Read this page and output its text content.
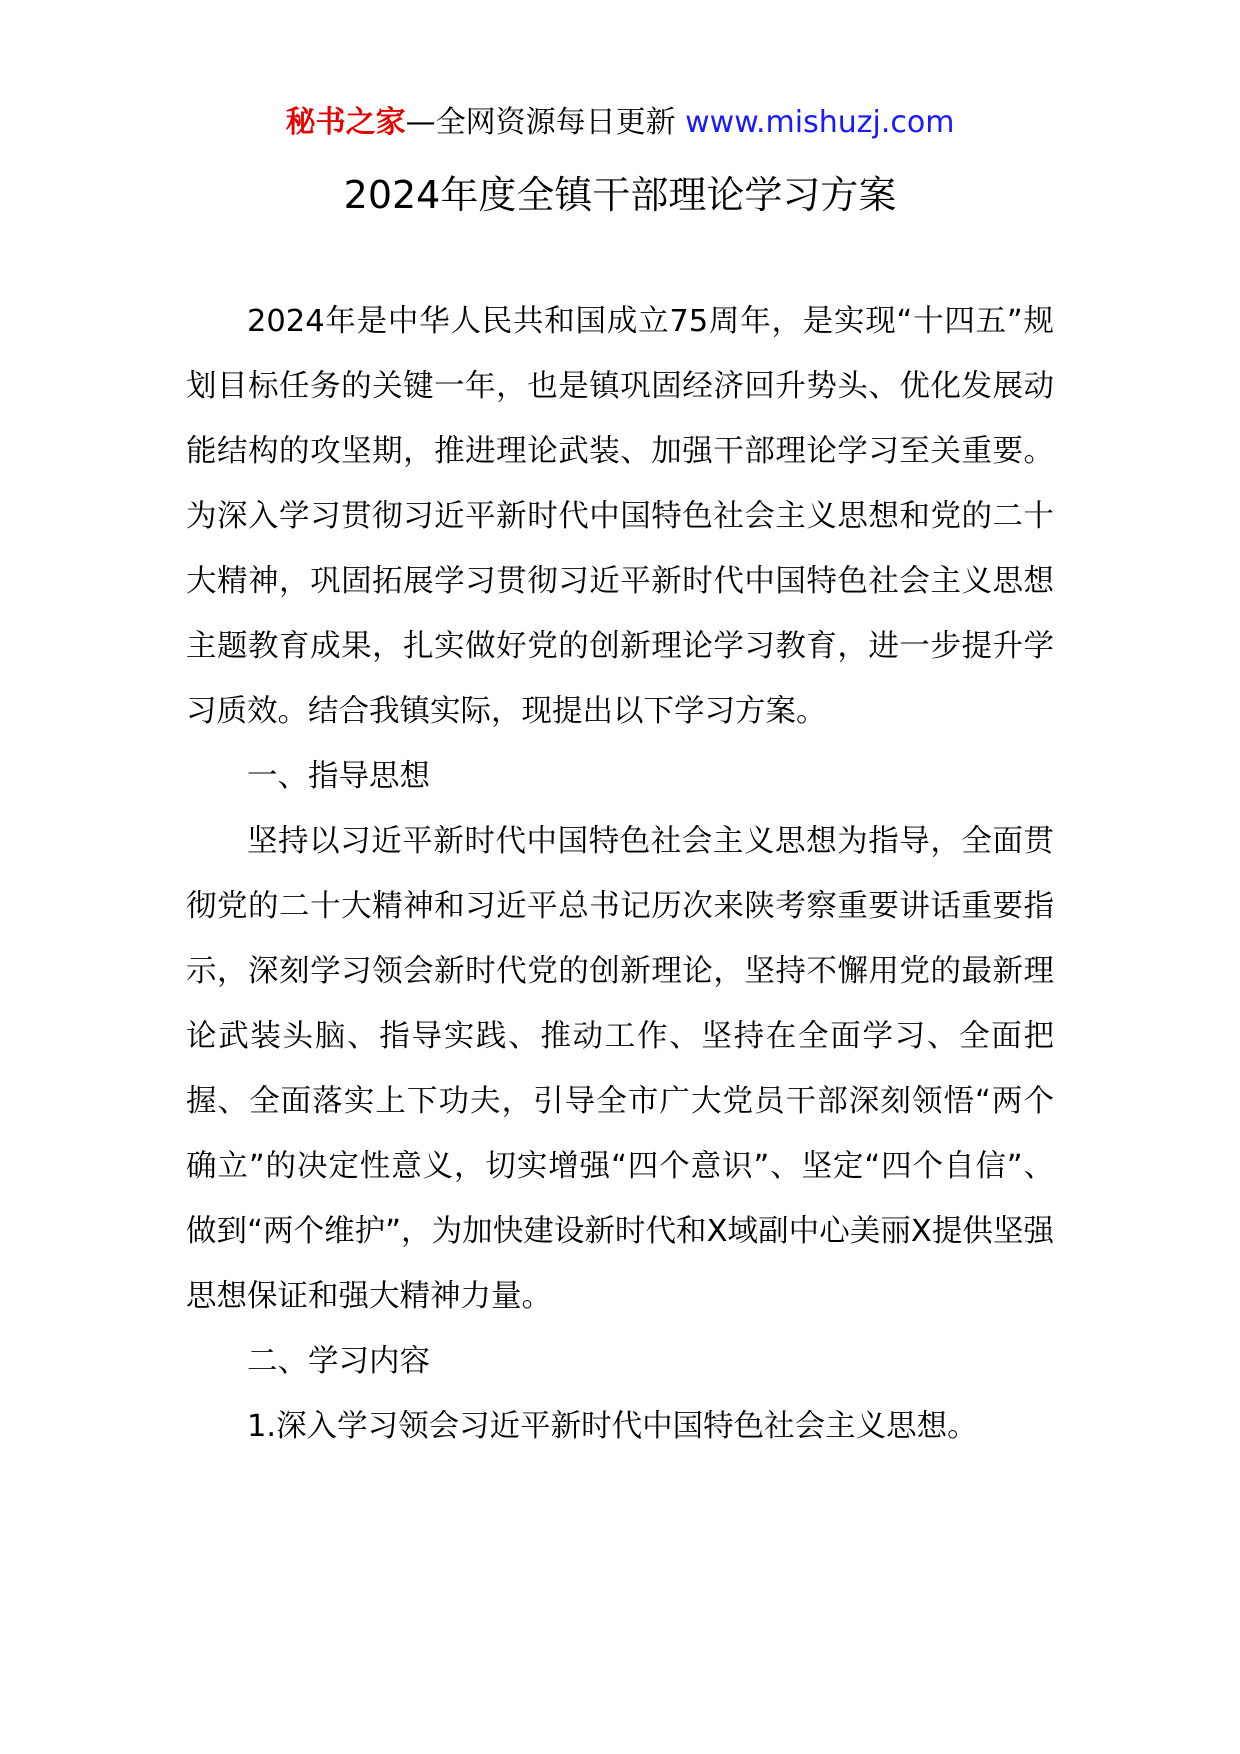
秘书之家—全网资源每日更新 www.mishuzj.com
2024年度全镇干部理论学习方案

2024年是中华人民共和国成立75周年，是实现“十四五”规划目标任务的关键一年，也是镇巩固经济回升势头、优化发展动能结构的攻坚期，推进理论武装、加强干部理论学习至关重要。为深入学习贯彻习近平新时代中国特色社会主义思想和党的二十大精神，巩固拓展学习贯彻习近平新时代中国特色社会主义思想主题教育成果，扎实做好党的创新理论学习教育，进一步提升学习质效。结合我镇实际，现提出以下学习方案。

一、指导思想

坚持以习近平新时代中国特色社会主义思想为指导，全面贯彻党的二十大精神和习近平总书记历次来陕考察重要讲话重要指示，深刻学习领会新时代党的创新理论，坚持不懈用党的最新理论武装头脑、指导实践、推动工作、坚持在全面学习、全面把握、全面落实上下功夫，引导全市广大党员干部深刻领悟“两个确立”的决定性意义，切实增强“四个意识”、坚定“四个自信”、做到“两个维护”，为加快建设新时代和X域副中心美丽X提供坚强思想保证和强大精神力量。

二、学习内容

1.深入学习领会习近平新时代中国特色社会主义思想。
